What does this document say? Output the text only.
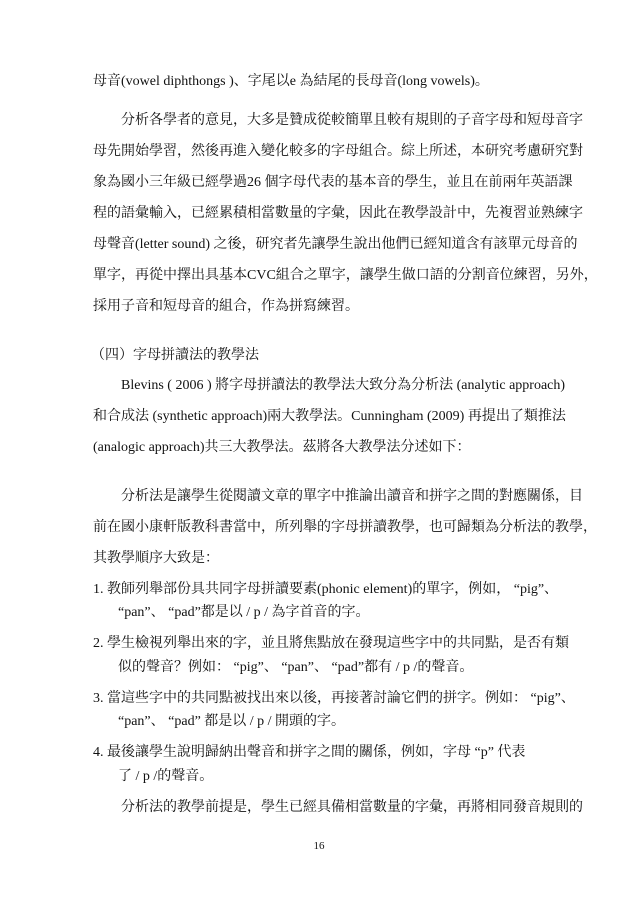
母音(vowel diphthongs )、字尾以e 為結尾的長母音(long vowels)。
分析各學者的意見，大多是贊成從較簡單且較有規則的子音字母和短母音字
母先開始學習，然後再進入變化較多的字母組合。綜上所述，本研究考慮研究對
象為國小三年級已經學過26 個字母代表的基本音的學生，並且在前兩年英語課
程的語彙輸入，已經累積相當數量的字彙，因此在教學設計中，先複習並熟練字
母聲音(letter sound) 之後，研究者先讓學生說出他們已經知道含有該單元母音的
單字，再從中擇出具基本CVC組合之單字，讓學生做口語的分割音位練習，另外，
採用子音和短母音的組合，作為拼寫練習。
（四）字母拼讀法的教學法
Blevins ( 2006 ) 將字母拼讀法的教學法大致分為分析法 (analytic approach)
和合成法 (synthetic approach)兩大教學法。Cunningham (2009) 再提出了類推法
(analogic approach)共三大教學法。茲將各大教學法分述如下：
分析法是讓學生從閱讀文章的單字中推論出讀音和拼字之間的對應關係，目
前在國小康軒版教科書當中，所列舉的字母拼讀教學，也可歸類為分析法的教學，
其教學順序大致是：
1. 教師列舉部份具共同字母拼讀要素(phonic element)的單字，例如， “pig”、
“pan”、 “pad”都是以 / p / 為字首音的字。
2. 學生檢視列舉出來的字，並且將焦點放在發現這些字中的共同點，是否有類
似的聲音？例如： “pig”、 “pan”、 “pad”都有 / p /的聲音。
3. 當這些字中的共同點被找出來以後，再接著討論它們的拼字。例如： “pig”、
“pan”、 “pad” 都是以 / p / 開頭的字。
4. 最後讓學生說明歸納出聲音和拼字之間的關係，例如，字母 “p” 代表
了 / p /的聲音。
分析法的教學前提是，學生已經具備相當數量的字彙，再將相同發音規則的
16
